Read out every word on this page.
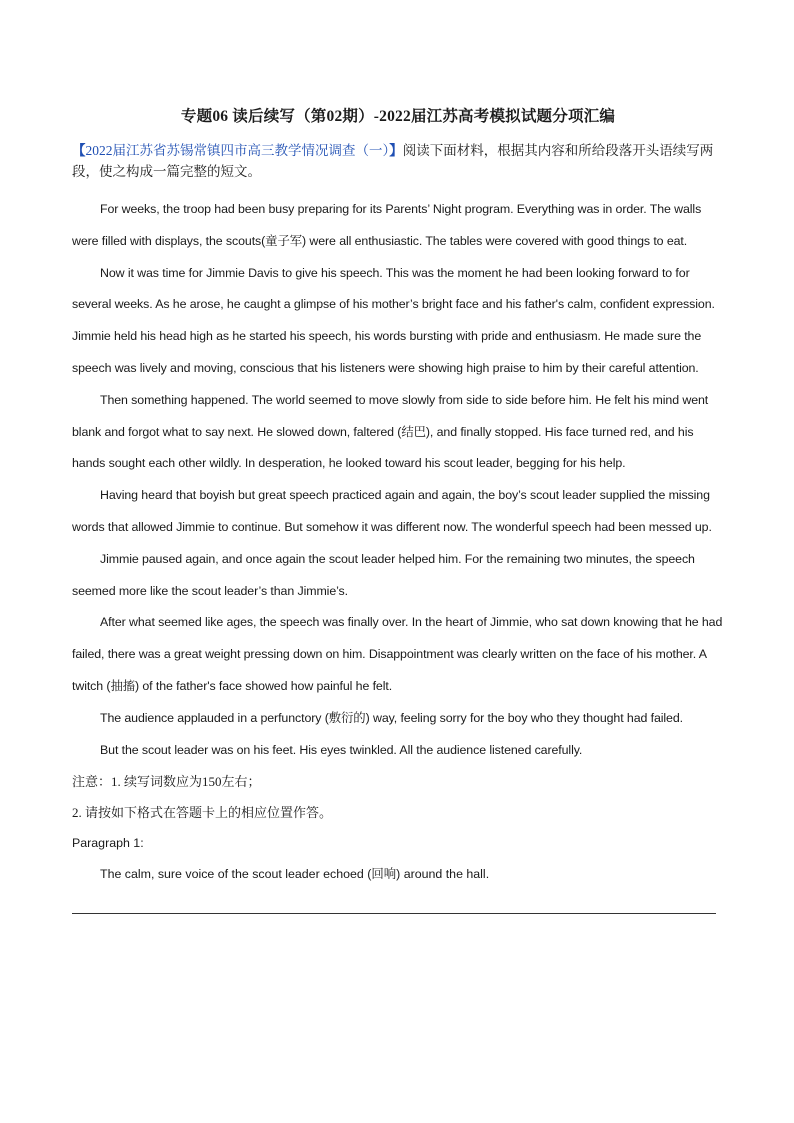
专题06 读后续写（第02期）-2022届江苏高考模拟试题分项汇编

【2022届江苏省苏锡常镇四市高三教学情况调查（一）】阅读下面材料，根据其内容和所给段落开头语续写两段，使之构成一篇完整的短文。

For weeks, the troop had been busy preparing for its Parents’ Night program. Everything was in order. The walls were filled with displays, the scouts(童子军) were all enthusiastic. The tables were covered with good things to eat.

Now it was time for Jimmie Davis to give his speech. This was the moment he had been looking forward to for several weeks. As he arose, he caught a glimpse of his mother’s bright face and his father's calm, confident expression. Jimmie held his head high as he started his speech, his words bursting with pride and enthusiasm. He made sure the speech was lively and moving, conscious that his listeners were showing high praise to him by their careful attention.

Then something happened. The world seemed to move slowly from side to side before him. He felt his mind went blank and forgot what to say next. He slowed down, faltered (结巴), and finally stopped. His face turned red, and his hands sought each other wildly. In desperation, he looked toward his scout leader, begging for his help.

Having heard that boyish but great speech practiced again and again, the boy’s scout leader supplied the missing words that allowed Jimmie to continue. But somehow it was different now. The wonderful speech had been messed up.

Jimmie paused again, and once again the scout leader helped him. For the remaining two minutes, the speech seemed more like the scout leader’s than Jimmie’s.

After what seemed like ages, the speech was finally over. In the heart of Jimmie, who sat down knowing that he had failed, there was a great weight pressing down on him. Disappointment was clearly written on the face of his mother. A twitch (抽搐) of the father's face showed how painful he felt.

The audience applauded in a perfunctory (敷衍的) way, feeling sorry for the boy who they thought had failed.

But the scout leader was on his feet. His eyes twinkled. All the audience listened carefully.

注意：1. 续写词数应为150左右；

2. 请按如下格式在答题卡上的相应位置作答。

Paragraph 1:

The calm, sure voice of the scout leader echoed (回响) around the hall.
